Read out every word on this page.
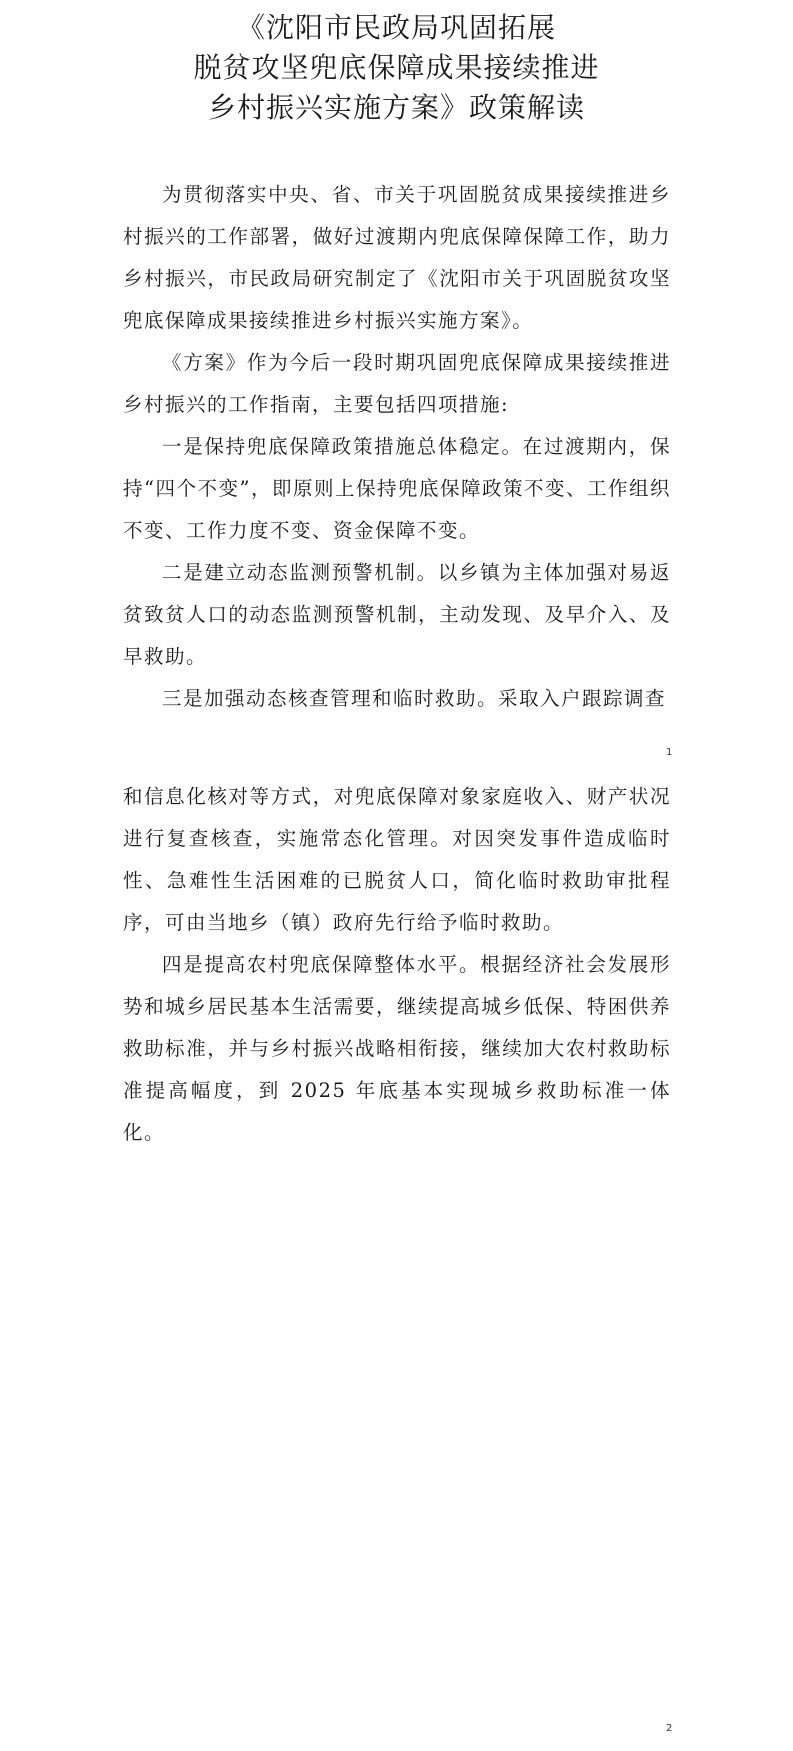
《沈阳市民政局巩固拓展
脱贫攻坚兜底保障成果接续推进
乡村振兴实施方案》政策解读

为贯彻落实中央、省、市关于巩固脱贫成果接续推进乡村振兴的工作部署，做好过渡期内兜底保障保障工作，助力乡村振兴，市民政局研究制定了《沈阳市关于巩固脱贫攻坚兜底保障成果接续推进乡村振兴实施方案》。

《方案》作为今后一段时期巩固兜底保障成果接续推进乡村振兴的工作指南，主要包括四项措施:

一是保持兜底保障政策措施总体稳定。在过渡期内，保持“四个不变”，即原则上保持兜底保障政策不变、工作组织不变、工作力度不变、资金保障不变。

二是建立动态监测预警机制。以乡镇为主体加强对易返贫致贫人口的动态监测预警机制，主动发现、及早介入、及早救助。

三是加强动态核查管理和临时救助。采取入户跟踪调查

1

和信息化核对等方式，对兜底保障对象家庭收入、财产状况进行复查核查，实施常态化管理。对因突发事件造成临时性、急难性生活困难的已脱贫人口，简化临时救助审批程序，可由当地乡（镇）政府先行给予临时救助。

四是提高农村兜底保障整体水平。根据经济社会发展形势和城乡居民基本生活需要，继续提高城乡低保、特困供养救助标准，并与乡村振兴战略相衔接，继续加大农村救助标准提高幅度，到 2025 年底基本实现城乡救助标准一体化。

2
